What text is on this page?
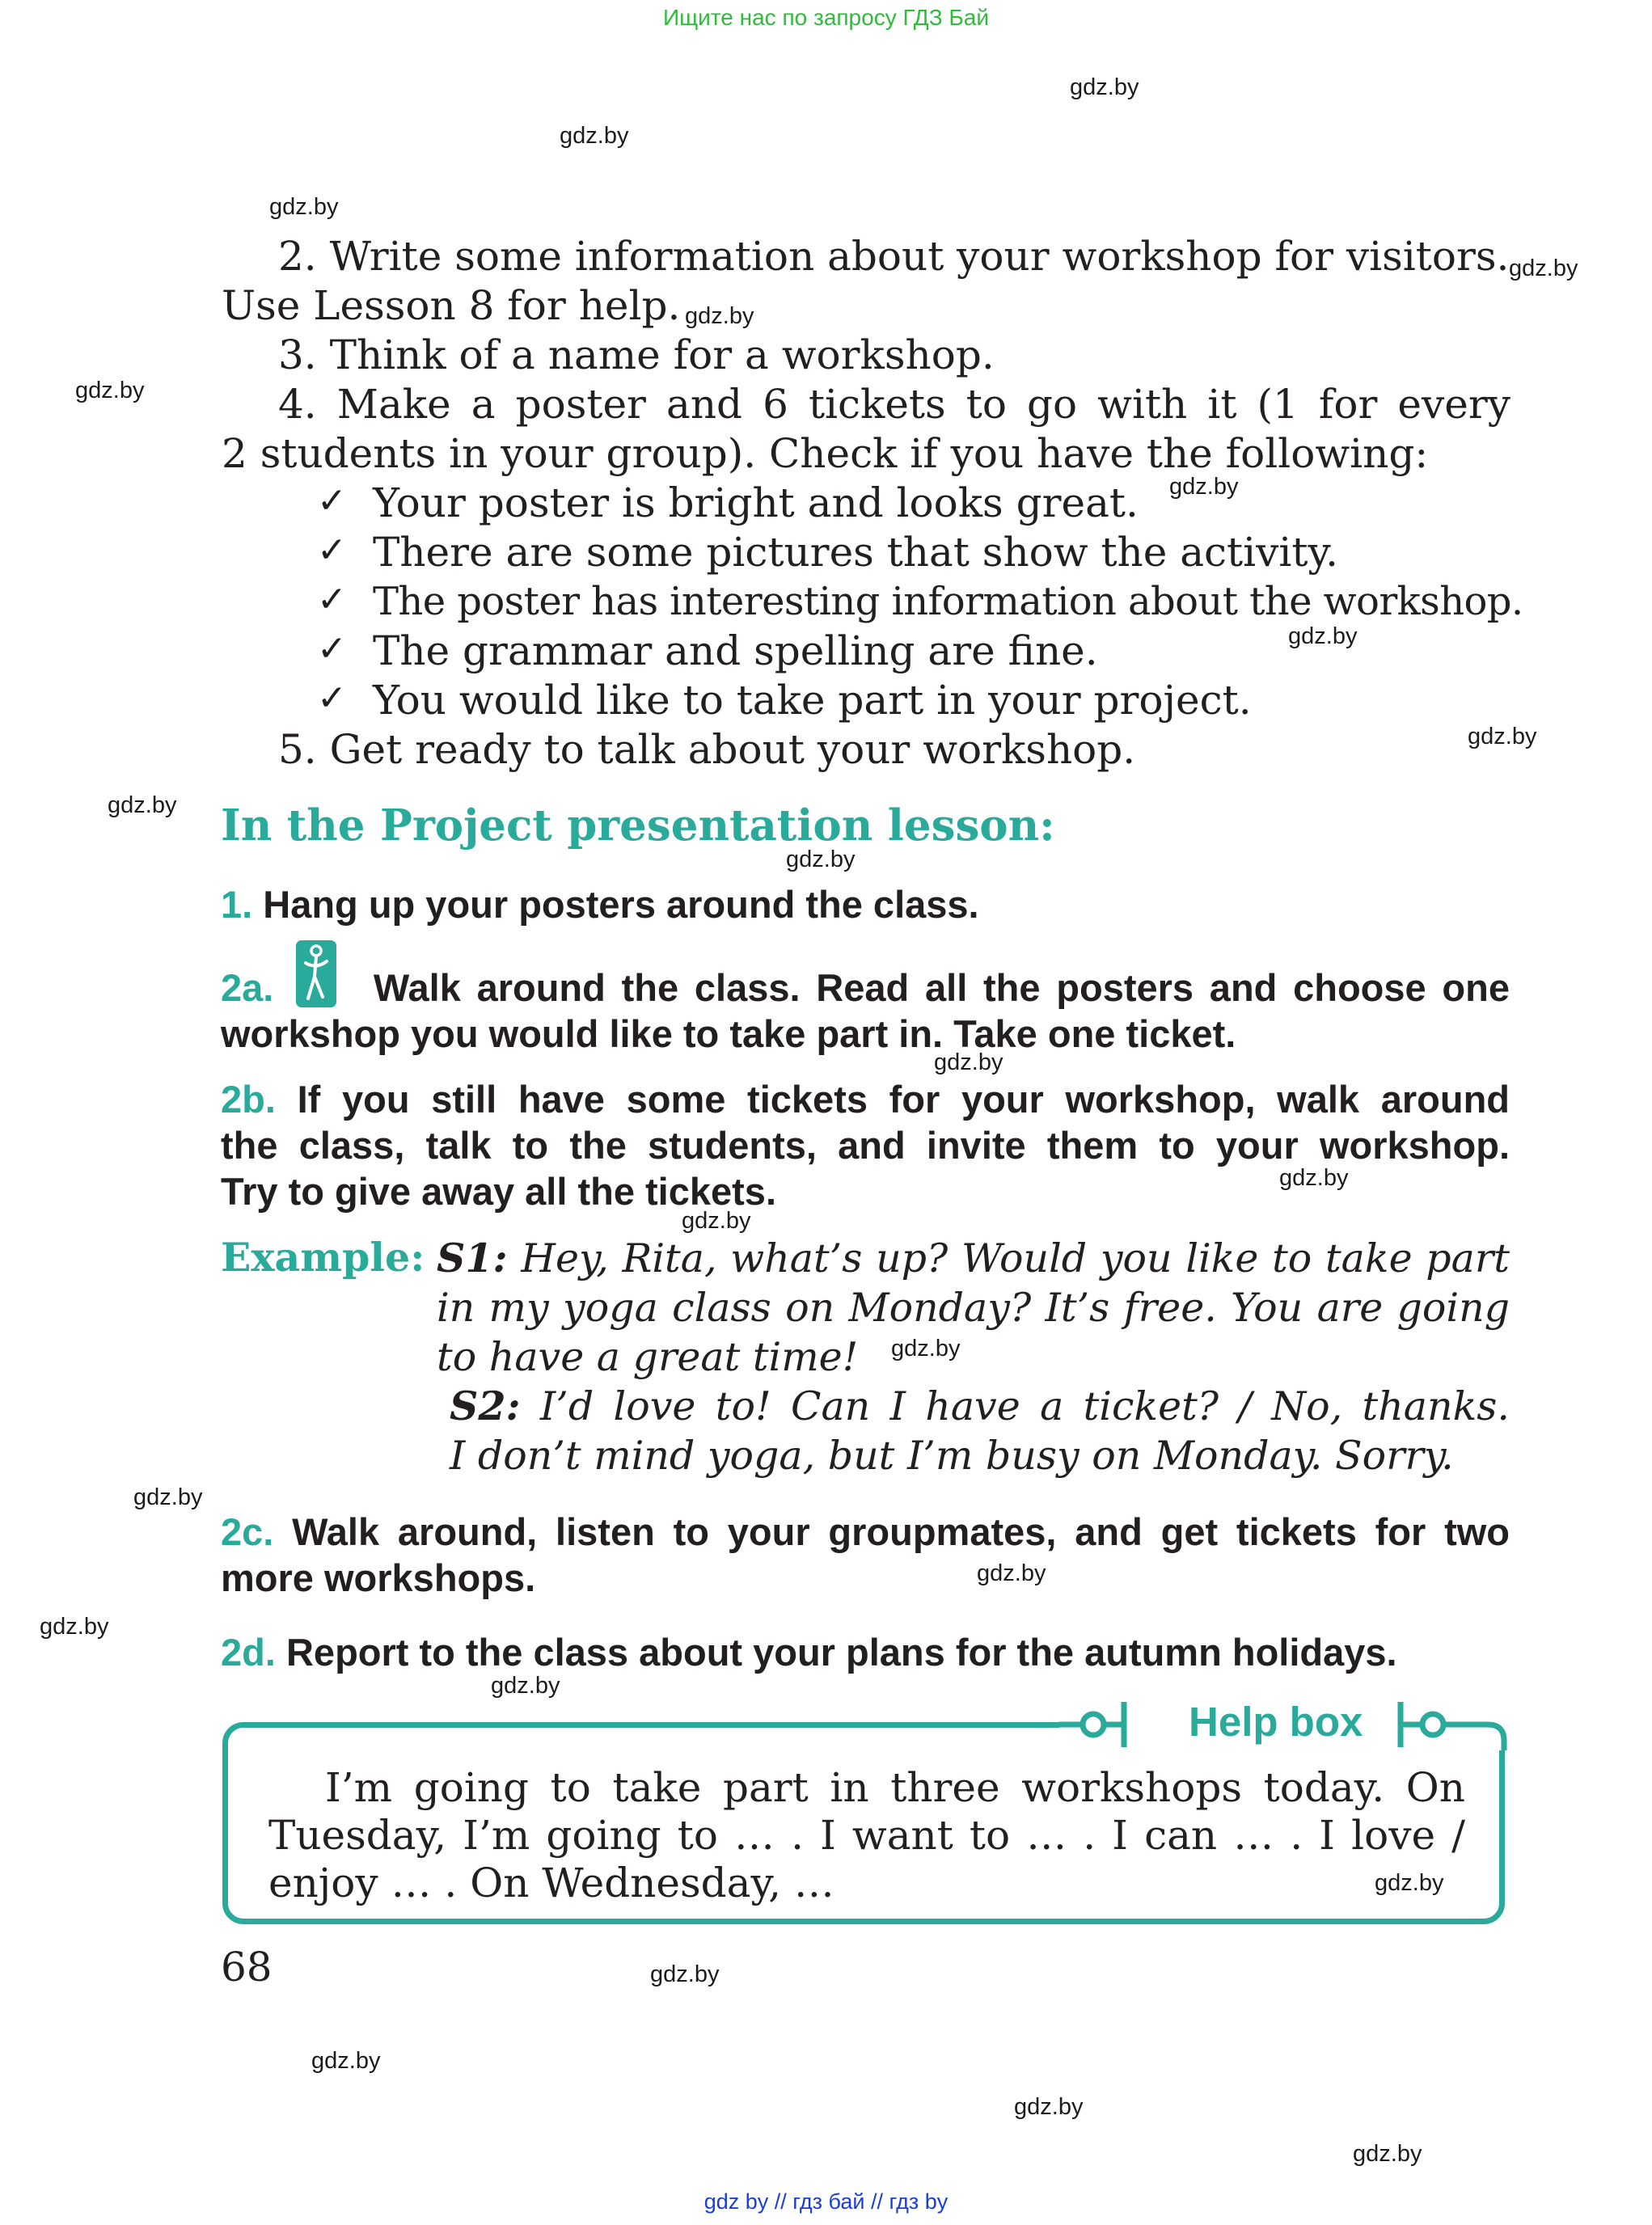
Ищите нас по запросу ГДЗ Бай
gdz.by
gdz.by
gdz.by
gdz.by
gdz.by
gdz.by
gdz.by
gdz.by
gdz.by
gdz.by
gdz.by
gdz.by
gdz.by
gdz.by
gdz.by
gdz.by
gdz.by
gdz.by
gdz.by
gdz.by
gdz.by
gdz.by
gdz.by
gdz.by
2. Write some information about your workshop for visitors.
Use Lesson 8 for help.
3. Think of a name for a workshop.
4. Make a poster and 6 tickets to go with it (1 for every
2 students in your group). Check if you have the following:
✓ Your poster is bright and looks great.
✓ There are some pictures that show the activity.
✓ The poster has interesting information about the workshop.
✓ The grammar and spelling are fine.
✓ You would like to take part in your project.
5. Get ready to talk about your workshop.
In the Project presentation lesson:
1. Hang up your posters around the class.
2a.	Walk around the class. Read all the posters and choose one
workshop you would like to take part in. Take one ticket.
2b. If you still have some tickets for your workshop, walk around
the class, talk to the students, and invite them to your workshop.
Try to give away all the tickets.
Example: S1: Hey, Rita, what’s up? Would you like to take part
in my yoga class on Monday? It’s free. You are going
to have a great time!
S2: I’d love to! Can I have a ticket? / No, thanks.
I don’t mind yoga, but I’m busy on Monday. Sorry.
2c. Walk around, listen to your groupmates, and get tickets for two
more workshops.
2d. Report to the class about your plans for the autumn holidays.
Help box
I’m going to take part in three workshops today. On
Tuesday, I’m going to … . I want to … . I can … . I love /
enjoy … . On Wednesday, …
68
gdz by // гдз бай // гдз by
